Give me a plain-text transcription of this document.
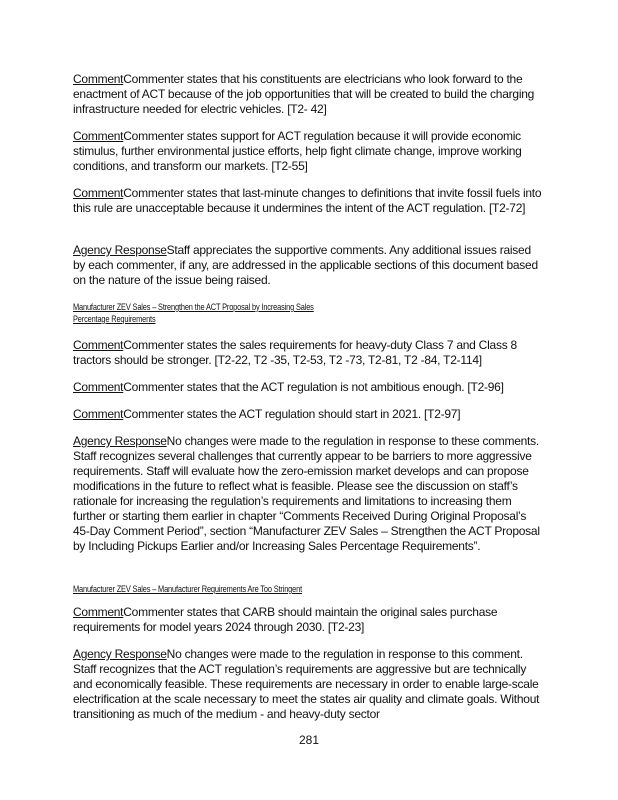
CommentCommenter states that his constituents are electricians who look forward to the enactment of ACT because of the job opportunities that will be created to build the charging infrastructure needed for electric vehicles. [T2- 42]

CommentCommenter states support for ACT regulation because it will provide economic stimulus, further environmental justice efforts, help fight climate change, improve working conditions, and transform our markets. [T2-55]

CommentCommenter states that last-minute changes to definitions that invite fossil fuels into this rule are unacceptable because it undermines the intent of the ACT regulation. [T2-72]

Agency ResponseStaff appreciates the supportive comments. Any additional issues raised by each commenter, if any, are addressed in the applicable sections of this document based on the nature of the issue being raised.

Manufacturer ZEV Sales – Strengthen the ACT Proposal by Increasing Sales
Percentage Requirements

CommentCommenter states the sales requirements for heavy-duty Class 7 and Class 8 tractors should be stronger. [T2-22, T2 -35, T2-53, T2 -73, T2-81, T2 -84, T2-114]

CommentCommenter states that the ACT regulation is not ambitious enough. [T2-96]

CommentCommenter states the ACT regulation should start in 2021. [T2-97]

Agency ResponseNo changes were made to the regulation in response to these comments. Staff recognizes several challenges that currently appear to be barriers to more aggressive requirements. Staff will evaluate how the zero-emission market develops and can propose modifications in the future to reflect what is feasible. Please see the discussion on staff’s rationale for increasing the regulation’s requirements and limitations to increasing them further or starting them earlier in chapter “Comments Received During Original Proposal’s 45-Day Comment Period”, section “Manufacturer ZEV Sales – Strengthen the ACT Proposal by Including Pickups Earlier and/or Increasing Sales Percentage Requirements”.

Manufacturer ZEV Sales – Manufacturer Requirements Are Too Stringent

CommentCommenter states that CARB should maintain the original sales purchase requirements for model years 2024 through 2030. [T2-23]

Agency ResponseNo changes were made to the regulation in response to this comment. Staff recognizes that the ACT regulation’s requirements are aggressive but are technically and economically feasible. These requirements are necessary in order to enable large-scale electrification at the scale necessary to meet the states air quality and climate goals. Without transitioning as much of the medium - and heavy-duty sector

281
